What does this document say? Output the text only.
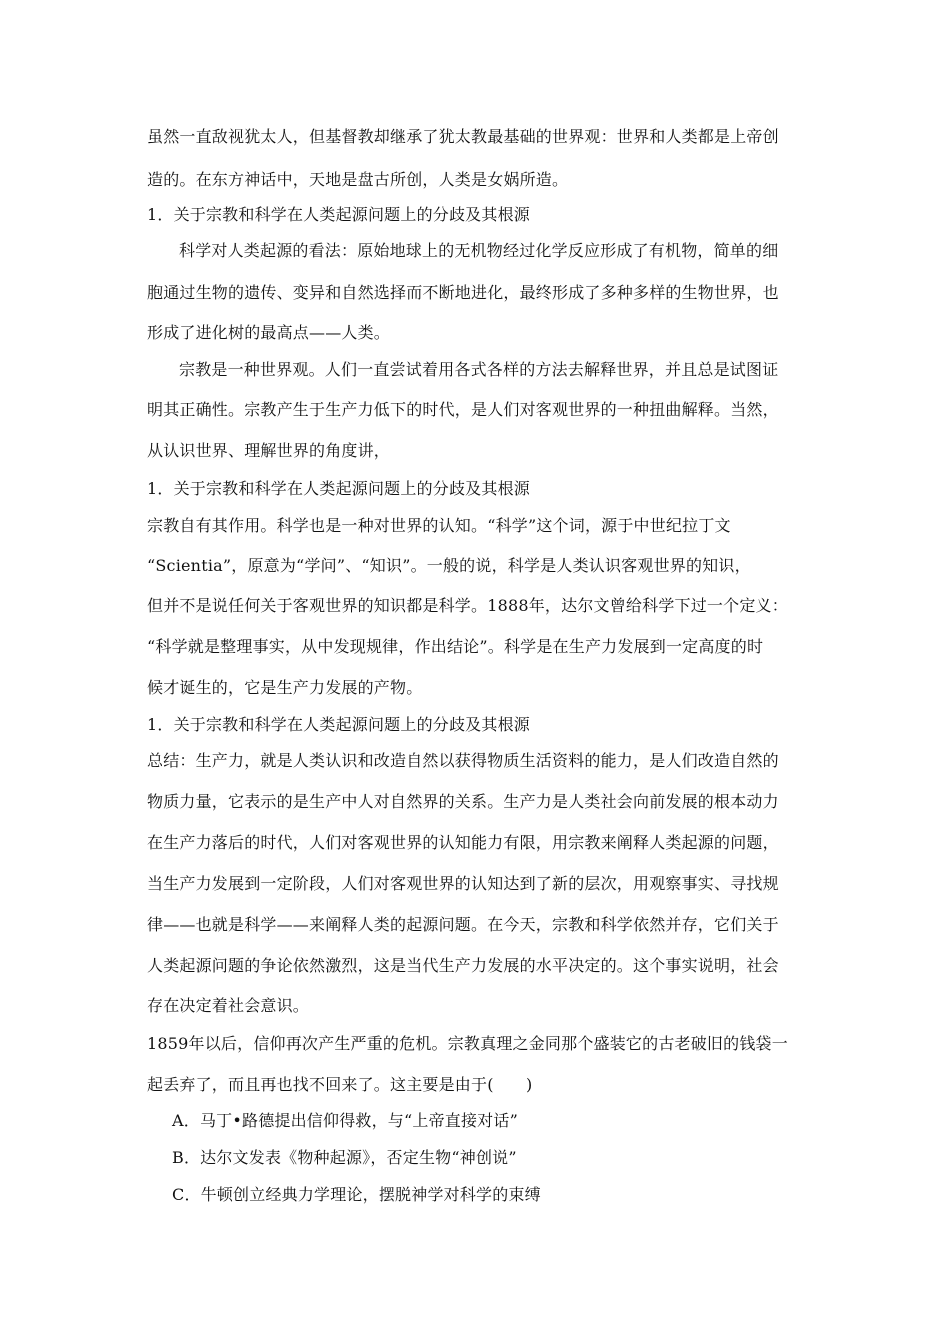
虽然一直敌视犹太人，但基督教却继承了犹太教最基础的世界观：世界和人类都是上帝创
造的。在东方神话中，天地是盘古所创，人类是女娲所造。
1．关于宗教和科学在人类起源问题上的分歧及其根源
科学对人类起源的看法：原始地球上的无机物经过化学反应形成了有机物，简单的细
胞通过生物的遗传、变异和自然选择而不断地进化，最终形成了多种多样的生物世界，也
形成了进化树的最高点——人类。
宗教是一种世界观。人们一直尝试着用各式各样的方法去解释世界，并且总是试图证
明其正确性。宗教产生于生产力低下的时代，是人们对客观世界的一种扭曲解释。当然，
从认识世界、理解世界的角度讲，
1．关于宗教和科学在人类起源问题上的分歧及其根源
宗教自有其作用。科学也是一种对世界的认知。“科学”这个词，源于中世纪拉丁文
“Scientia”，原意为“学问”、“知识”。一般的说，科学是人类认识客观世界的知识，
但并不是说任何关于客观世界的知识都是科学。1888年，达尔文曾给科学下过一个定义：
“科学就是整理事实，从中发现规律，作出结论”。科学是在生产力发展到一定高度的时
候才诞生的，它是生产力发展的产物。
1．关于宗教和科学在人类起源问题上的分歧及其根源
总结：生产力，就是人类认识和改造自然以获得物质生活资料的能力，是人们改造自然的
物质力量，它表示的是生产中人对自然界的关系。生产力是人类社会向前发展的根本动力
在生产力落后的时代，人们对客观世界的认知能力有限，用宗教来阐释人类起源的问题，
当生产力发展到一定阶段，人们对客观世界的认知达到了新的层次，用观察事实、寻找规
律——也就是科学——来阐释人类的起源问题。在今天，宗教和科学依然并存，它们关于
人类起源问题的争论依然激烈，这是当代生产力发展的水平决定的。这个事实说明，社会
存在决定着社会意识。
1859年以后，信仰再次产生严重的危机。宗教真理之金同那个盛装它的古老破旧的钱袋一
起丢弃了，而且再也找不回来了。这主要是由于(　　)
A．马丁•路德提出信仰得救，与“上帝直接对话”
B．达尔文发表《物种起源》，否定生物“神创说”
C．牛顿创立经典力学理论，摆脱神学对科学的束缚
